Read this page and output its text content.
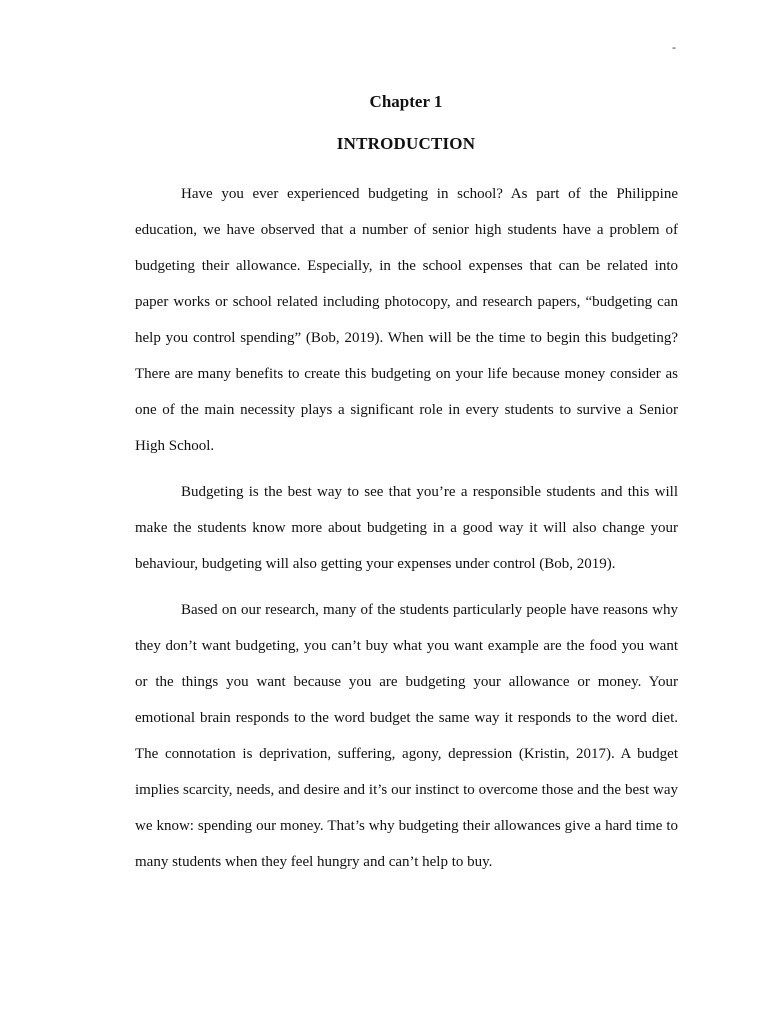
-
Chapter 1
INTRODUCTION

Have you ever experienced budgeting in school? As part of the Philippine education, we have observed that a number of senior high students have a problem of budgeting their allowance. Especially, in the school expenses that can be related into paper works or school related including photocopy, and research papers, “budgeting can help you control spending” (Bob, 2019). When will be the time to begin this budgeting? There are many benefits to create this budgeting on your life because money consider as one of the main necessity plays a significant role in every students to survive a Senior High School.

Budgeting is the best way to see that you’re a responsible students and this will make the students know more about budgeting in a good way it will also change your behaviour, budgeting will also getting your expenses under control (Bob, 2019).

Based on our research, many of the students particularly people have reasons why they don’t want budgeting, you can’t buy what you want example are the food you want or the things you want because you are budgeting your allowance or money. Your emotional brain responds to the word budget the same way it responds to the word diet. The connotation is deprivation, suffering, agony, depression (Kristin, 2017). A budget implies scarcity, needs, and desire and it’s our instinct to overcome those and the best way we know: spending our money. That’s why budgeting their allowances give a hard time to many students when they feel hungry and can’t help to buy.
